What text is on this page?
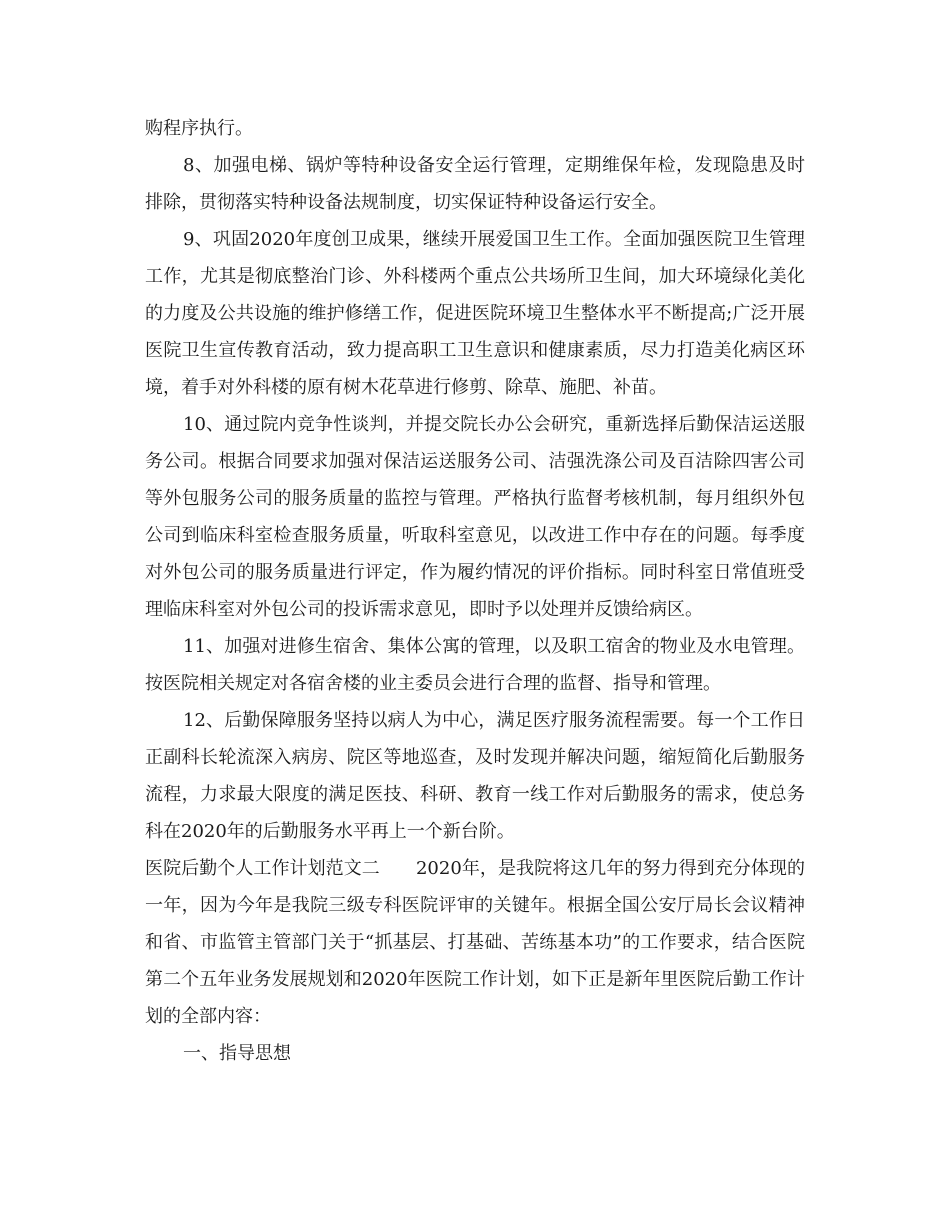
购程序执行。

8、加强电梯、锅炉等特种设备安全运行管理，定期维保年检，发现隐患及时排除，贯彻落实特种设备法规制度，切实保证特种设备运行安全。

9、巩固2020年度创卫成果，继续开展爱国卫生工作。全面加强医院卫生管理工作，尤其是彻底整治门诊、外科楼两个重点公共场所卫生间，加大环境绿化美化的力度及公共设施的维护修缮工作，促进医院环境卫生整体水平不断提高;广泛开展医院卫生宣传教育活动，致力提高职工卫生意识和健康素质，尽力打造美化病区环境，着手对外科楼的原有树木花草进行修剪、除草、施肥、补苗。

10、通过院内竞争性谈判，并提交院长办公会研究，重新选择后勤保洁运送服务公司。根据合同要求加强对保洁运送服务公司、洁强洗涤公司及百洁除四害公司等外包服务公司的服务质量的监控与管理。严格执行监督考核机制，每月组织外包公司到临床科室检查服务质量，听取科室意见，以改进工作中存在的问题。每季度对外包公司的服务质量进行评定，作为履约情况的评价指标。同时科室日常值班受理临床科室对外包公司的投诉需求意见，即时予以处理并反馈给病区。

11、加强对进修生宿舍、集体公寓的管理，以及职工宿舍的物业及水电管理。按医院相关规定对各宿舍楼的业主委员会进行合理的监督、指导和管理。

12、后勤保障服务坚持以病人为中心，满足医疗服务流程需要。每一个工作日正副科长轮流深入病房、院区等地巡查，及时发现并解决问题，缩短简化后勤服务流程，力求最大限度的满足医技、科研、教育一线工作对后勤服务的需求，使总务科在2020年的后勤服务水平再上一个新台阶。

医院后勤个人工作计划范文二　　2020年，是我院将这几年的努力得到充分体现的一年，因为今年是我院三级专科医院评审的关键年。根据全国公安厅局长会议精神和省、市监管主管部门关于“抓基层、打基础、苦练基本功”的工作要求，结合医院第二个五年业务发展规划和2020年医院工作计划，如下正是新年里医院后勤工作计划的全部内容：

一、指导思想
